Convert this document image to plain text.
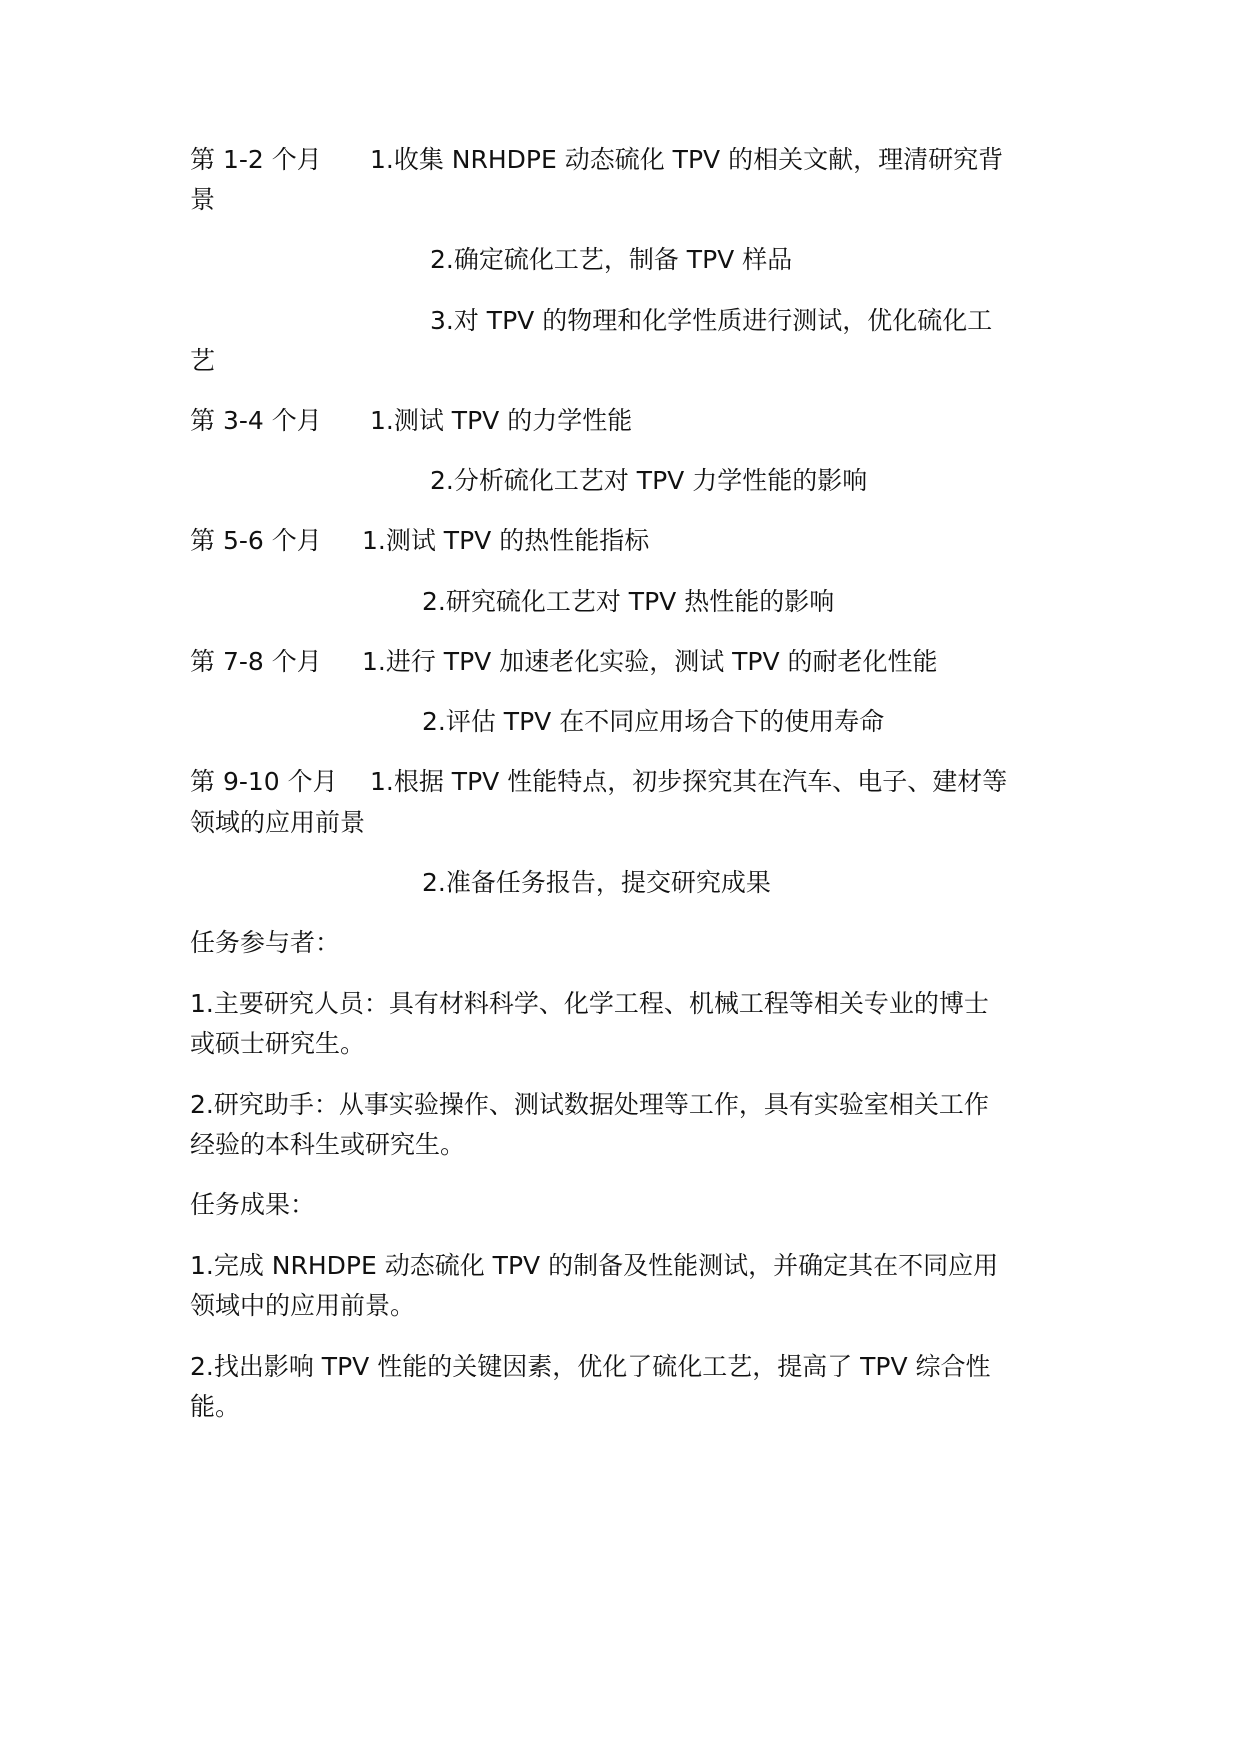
第 1-2 个月 1.收集 NRHDPE 动态硫化 TPV 的相关文献，理清研究背
景
2.确定硫化工艺，制备 TPV 样品
3.对 TPV 的物理和化学性质进行测试，优化硫化工
艺
第 3-4 个月 1.测试 TPV 的力学性能
2.分析硫化工艺对 TPV 力学性能的影响
第 5-6 个月 1.测试 TPV 的热性能指标
2.研究硫化工艺对 TPV 热性能的影响
第 7-8 个月 1.进行 TPV 加速老化实验，测试 TPV 的耐老化性能
2.评估 TPV 在不同应用场合下的使用寿命
第 9-10 个月 1.根据 TPV 性能特点，初步探究其在汽车、电子、建材等
领域的应用前景
2.准备任务报告，提交研究成果
任务参与者：
1.主要研究人员：具有材料科学、化学工程、机械工程等相关专业的博士
或硕士研究生。
2.研究助手：从事实验操作、测试数据处理等工作，具有实验室相关工作
经验的本科生或研究生。
任务成果：
1.完成 NRHDPE 动态硫化 TPV 的制备及性能测试，并确定其在不同应用
领域中的应用前景。
2.找出影响 TPV 性能的关键因素，优化了硫化工艺，提高了 TPV 综合性
能。
